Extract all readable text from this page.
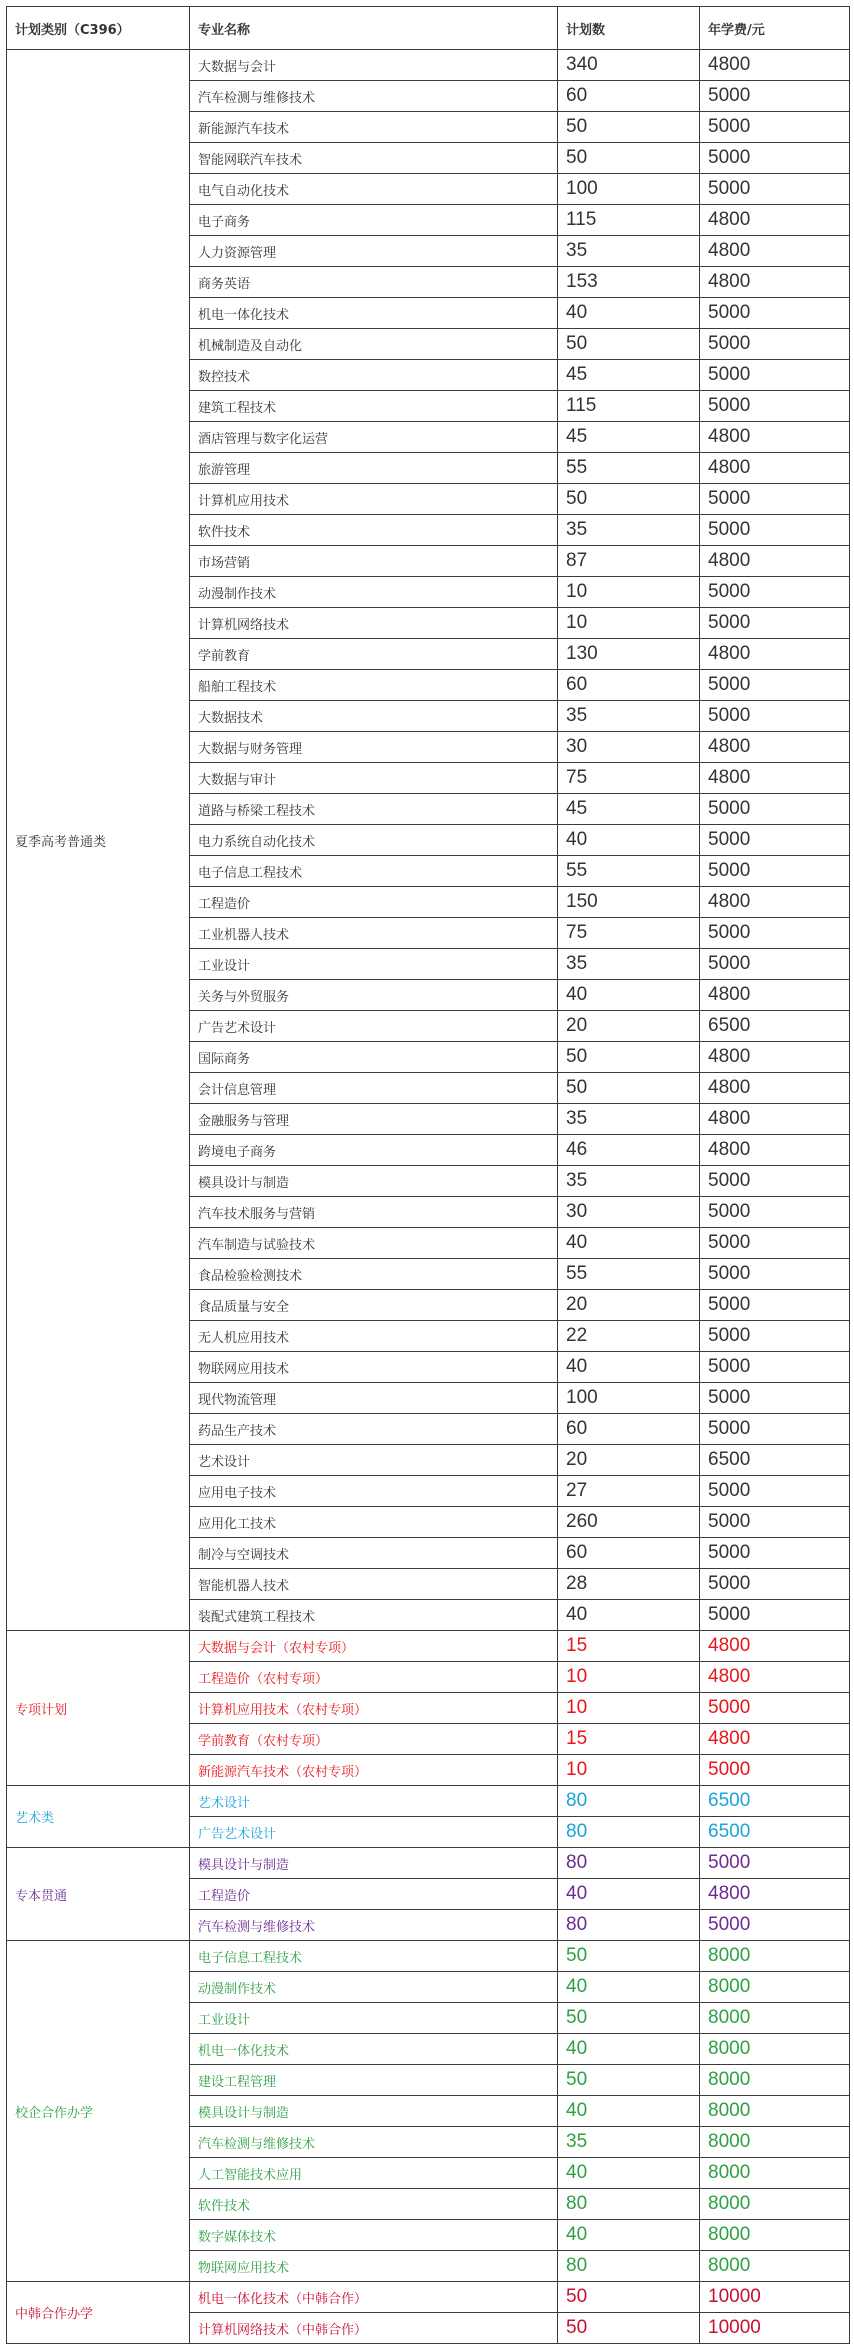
计划类别（C396）	专业名称	计划数	年学费/元
夏季高考普通类	大数据与会计	340	4800
	汽车检测与维修技术	60	5000
	新能源汽车技术	50	5000
	智能网联汽车技术	50	5000
	电气自动化技术	100	5000
	电子商务	115	4800
	人力资源管理	35	4800
	商务英语	153	4800
	机电一体化技术	40	5000
	机械制造及自动化	50	5000
	数控技术	45	5000
	建筑工程技术	115	5000
	酒店管理与数字化运营	45	4800
	旅游管理	55	4800
	计算机应用技术	50	5000
	软件技术	35	5000
	市场营销	87	4800
	动漫制作技术	10	5000
	计算机网络技术	10	5000
	学前教育	130	4800
	船舶工程技术	60	5000
	大数据技术	35	5000
	大数据与财务管理	30	4800
	大数据与审计	75	4800
	道路与桥梁工程技术	45	5000
	电力系统自动化技术	40	5000
	电子信息工程技术	55	5000
	工程造价	150	4800
	工业机器人技术	75	5000
	工业设计	35	5000
	关务与外贸服务	40	4800
	广告艺术设计	20	6500
	国际商务	50	4800
	会计信息管理	50	4800
	金融服务与管理	35	4800
	跨境电子商务	46	4800
	模具设计与制造	35	5000
	汽车技术服务与营销	30	5000
	汽车制造与试验技术	40	5000
	食品检验检测技术	55	5000
	食品质量与安全	20	5000
	无人机应用技术	22	5000
	物联网应用技术	40	5000
	现代物流管理	100	5000
	药品生产技术	60	5000
	艺术设计	20	6500
	应用电子技术	27	5000
	应用化工技术	260	5000
	制冷与空调技术	60	5000
	智能机器人技术	28	5000
	装配式建筑工程技术	40	5000
专项计划	大数据与会计（农村专项）	15	4800
	工程造价（农村专项）	10	4800
	计算机应用技术（农村专项）	10	5000
	学前教育（农村专项）	15	4800
	新能源汽车技术（农村专项）	10	5000
艺术类	艺术设计	80	6500
	广告艺术设计	80	6500
专本贯通	模具设计与制造	80	5000
	工程造价	40	4800
	汽车检测与维修技术	80	5000
校企合作办学	电子信息工程技术	50	8000
	动漫制作技术	40	8000
	工业设计	50	8000
	机电一体化技术	40	8000
	建设工程管理	50	8000
	模具设计与制造	40	8000
	汽车检测与维修技术	35	8000
	人工智能技术应用	40	8000
	软件技术	80	8000
	数字媒体技术	40	8000
	物联网应用技术	80	8000
中韩合作办学	机电一体化技术（中韩合作）	50	10000
	计算机网络技术（中韩合作）	50	10000
